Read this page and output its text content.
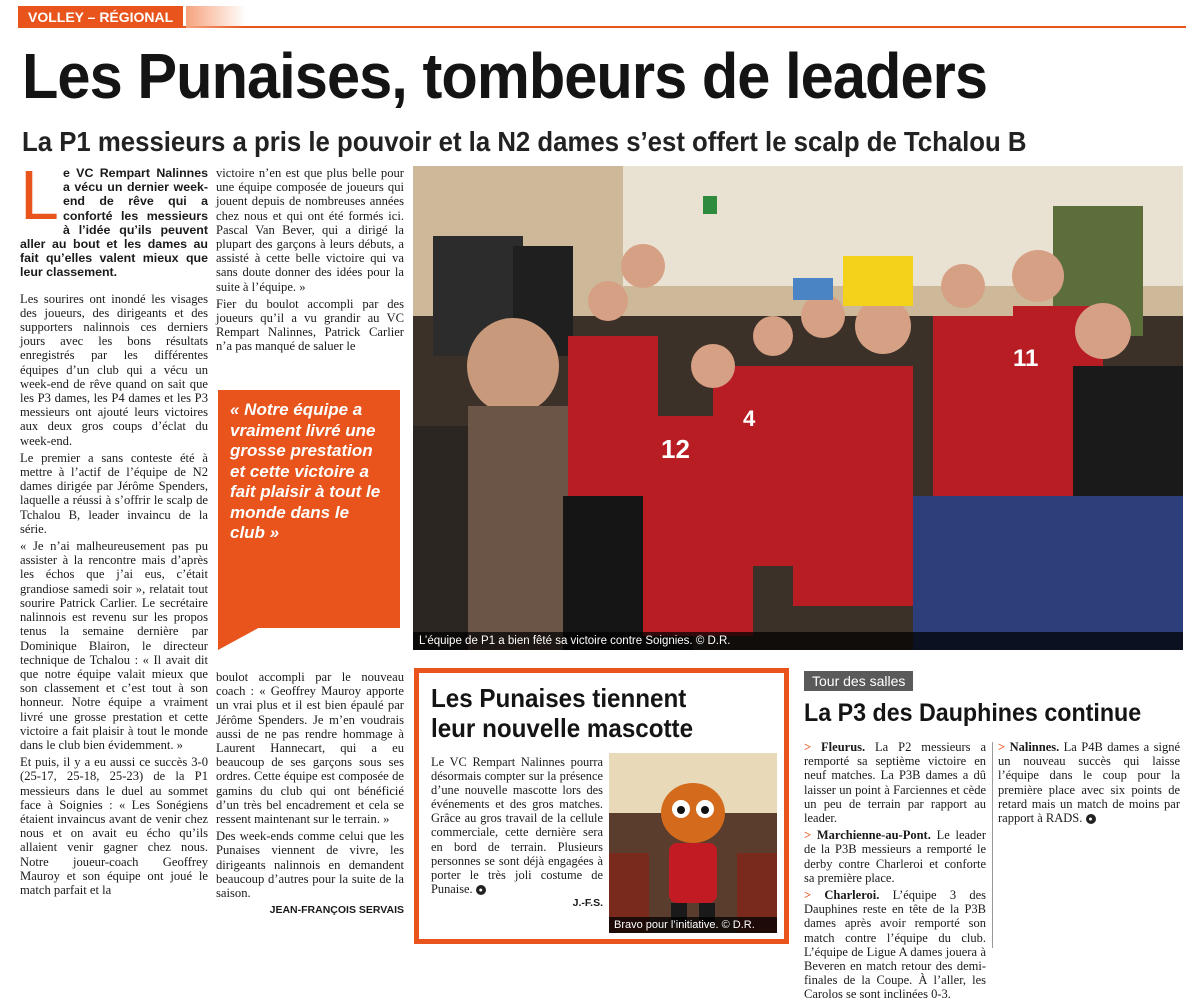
VOLLEY – RÉGIONAL
Les Punaises, tombeurs de leaders
La P1 messieurs a pris le pouvoir et la N2 dames s’est offert le scalp de Tchalou B
L e VC Rempart Nalinnes a vécu un dernier week-end de rêve qui a conforté les messieurs à l’idée qu’ils peuvent aller au bout et les dames au fait qu’elles valent mieux que leur classement.

Les sourires ont inondé les visages des joueurs, des dirigeants et des supporters nalinnois ces derniers jours avec les bons résultats enregistrés par les différentes équipes d’un club qui a vécu un week-end de rêve quand on sait que les P3 dames, les P4 dames et les P3 messieurs ont ajouté leurs victoires aux deux gros coups d’éclat du week-end.

Le premier a sans conteste été à mettre à l’actif de l’équipe de N2 dames dirigée par Jérôme Spenders, laquelle a réussi à s’offrir le scalp de Tchalou B, leader invaincu de la série.

« Je n’ai malheureusement pas pu assister à la rencontre mais d’après les échos que j’ai eus, c’était grandiose samedi soir », relatait tout sourire Patrick Carlier. Le secrétaire nalinnois est revenu sur les propos tenus la semaine dernière par Dominique Blairon, le directeur technique de Tchalou : « Il avait dit que notre équipe valait mieux que son classement et c’est tout à son honneur. Notre équipe a vraiment livré une grosse prestation et cette victoire a fait plaisir à tout le monde dans le club bien évidemment. »

Et puis, il y a eu aussi ce succès 3-0 (25-17, 25-18, 25-23) de la P1 messieurs dans le duel au sommet face à Soignies : « Les Sonégiens étaient invaincus avant de venir chez nous et on avait eu écho qu’ils allaient venir gagner chez nous. Notre joueur-coach Geoffrey Mauroy et son équipe ont joué le match parfait et la

victoire n’en est que plus belle pour une équipe composée de joueurs qui jouent depuis de nombreuses années chez nous et qui ont été formés ici. Pascal Van Bever, qui a dirigé la plupart des garçons à leurs débuts, a assisté à cette belle victoire qui va sans doute donner des idées pour la suite à l’équipe. »

Fier du boulot accompli par des joueurs qu’il a vu grandir au VC Rempart Nalinnes, Patrick Carlier n’a pas manqué de saluer le

« Notre équipe a vraiment livré une grosse prestation et cette victoire a fait plaisir à tout le monde dans le club »

boulot accompli par le nouveau coach : « Geoffrey Mauroy apporte un vrai plus et il est bien épaulé par Jérôme Spenders. Je m’en voudrais aussi de ne pas rendre hommage à Laurent Hannecart, qui a eu beaucoup de ses garçons sous ses ordres. Cette équipe est composée de gamins du club qui ont bénéficié d’un très bel encadrement et cela se ressent maintenant sur le terrain. »

Des week-ends comme celui que les Punaises viennent de vivre, les dirigeants nalinnois en demandent beaucoup d’autres pour la suite de la saison.

JEAN-FRANÇOIS SERVAIS

12
4
11
L’équipe de P1 a bien fêté sa victoire contre Soignies. © D.R.
Les Punaises tiennent
leur nouvelle mascotte
Le VC Rempart Nalinnes pourra désormais compter sur la présence d’une nouvelle mascotte lors des événements et des gros matches. Grâce au gros travail de la cellule commerciale, cette dernière sera en bord de terrain. Plusieurs personnes se sont déjà engagées à porter le très joli costume de Punaise. ●
J.-F.S.
Bravo pour l’initiative. © D.R.
Tour des salles
La P3 des Dauphines continue

> Fleurus. La P2 messieurs a remporté sa septième victoire en neuf matches. La P3B dames a dû laisser un point à Farciennes et cède un peu de terrain par rapport au leader.

> Marchienne-au-Pont. Le leader de la P3B messieurs a remporté le derby contre Charleroi et conforte sa première place.

> Charleroi. L’équipe 3 des Dauphines reste en tête de la P3B dames après avoir remporté son match contre l’équipe du club. L’équipe de Ligue A dames jouera à Beveren en match retour des demi-finales de la Coupe. À l’aller, les Carolos se sont inclinées 0-3.

> Nalinnes. La P4B dames a signé un nouveau succès qui laisse l’équipe dans le coup pour la première place avec six points de retard mais un match de moins par rapport à RADS. ●
